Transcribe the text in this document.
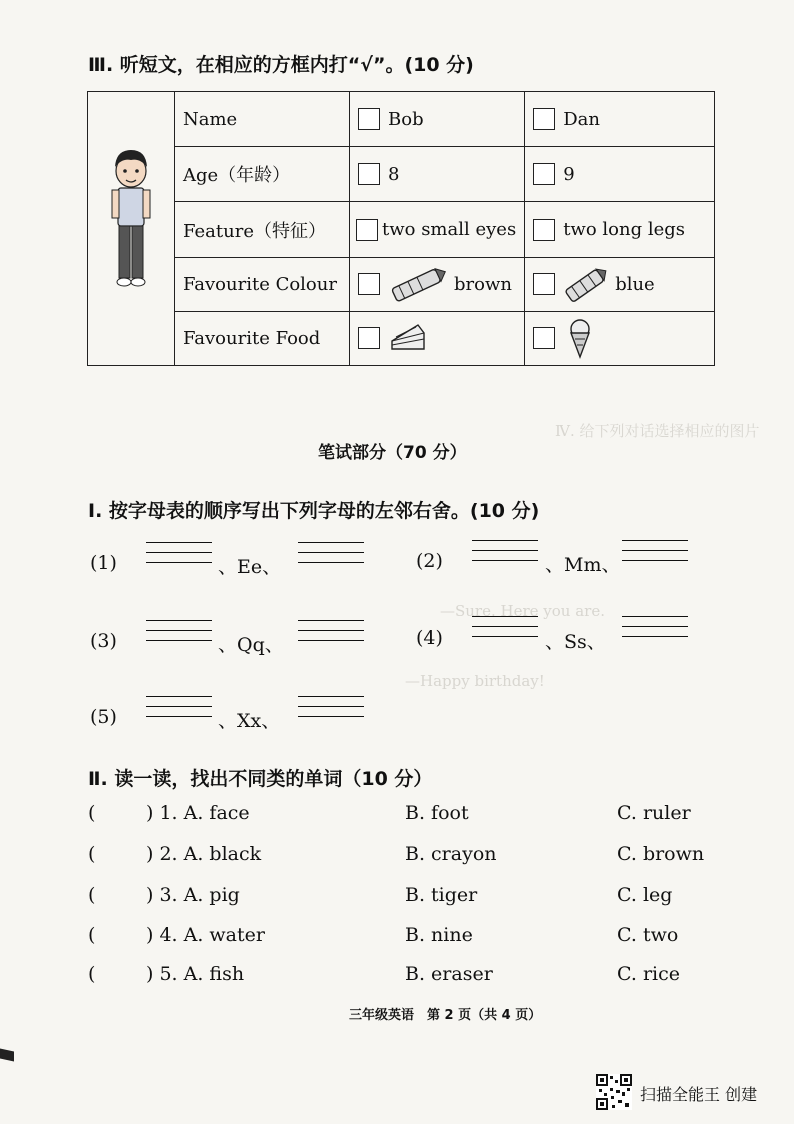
Ⅲ. 听短文，在相应的方框内打“√”。(10 分)
	Name	Bob	Dan

	Age（年龄）	8	9

	Feature（特征）	two small eyes	two long legs

	Favourite Colour	brown	blue

	Favourite Food	

Ⅳ. 给下列对话选择相应的图片
—Sure. Here you are.
—Happy birthday!
笔试部分（70 分）
Ⅰ. 按字母表的顺序写出下列字母的左邻右舍。(10 分)
(1)	、Ee、	(2)	、Mm、
(3)	、Qq、	(4)	、Ss、
(5)	、Xx、
Ⅱ. 读一读，找出不同类的单词（10 分）
(	) 1. A. face	B. foot	C. ruler
(	) 2. A. black	B. crayon	C. brown
(	) 3. A. pig	B. tiger	C. leg
(	) 4. A. water	B. nine	C. two
(	) 5. A. fish	B. eraser	C. rice
三年级英语　第 2 页（共 4 页）
扫描全能王 创建
